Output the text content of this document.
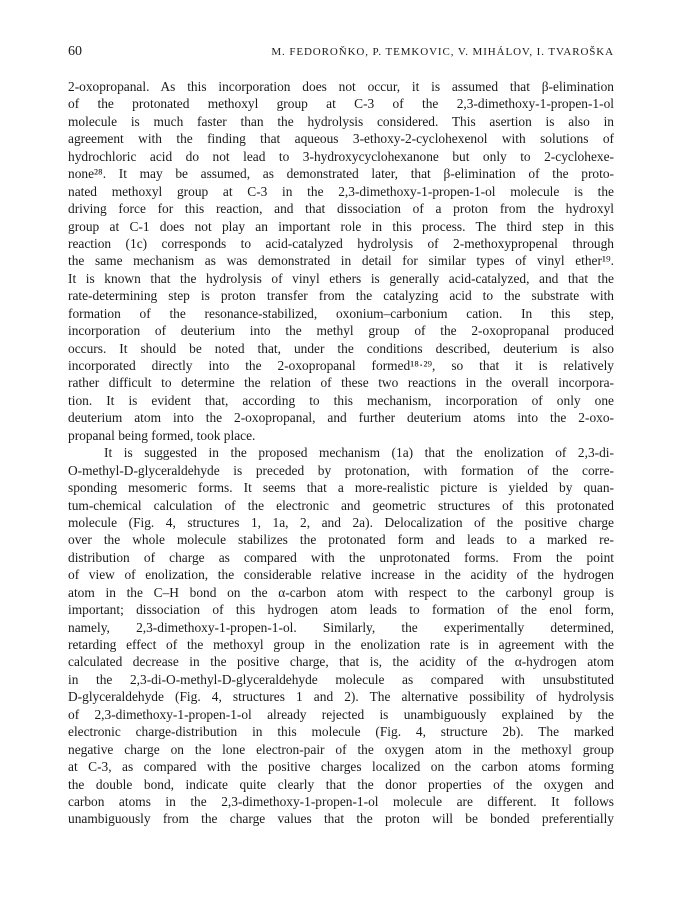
60	M. FEDOROŇKO, P. TEMKOVIC, V. MIHÁLOV, I. TVAROŠKA
2-oxopropanal. As this incorporation does not occur, it is assumed that β-elimination
of the protonated methoxyl group at C-3 of the 2,3-dimethoxy-1-propen-1-ol
molecule is much faster than the hydrolysis considered. This asertion is also in
agreement with the finding that aqueous 3-ethoxy-2-cyclohexenol with solutions of
hydrochloric acid do not lead to 3-hydroxycyclohexanone but only to 2-cyclohexe-
none²⁸. It may be assumed, as demonstrated later, that β-elimination of the proto-
nated methoxyl group at C-3 in the 2,3-dimethoxy-1-propen-1-ol molecule is the
driving force for this reaction, and that dissociation of a proton from the hydroxyl
group at C-1 does not play an important role in this process. The third step in this
reaction (1c) corresponds to acid-catalyzed hydrolysis of 2-methoxypropenal through
the same mechanism as was demonstrated in detail for similar types of vinyl ether¹⁹.
It is known that the hydrolysis of vinyl ethers is generally acid-catalyzed, and that the
rate-determining step is proton transfer from the catalyzing acid to the substrate with
formation of the resonance-stabilized, oxonium–carbonium cation. In this step,
incorporation of deuterium into the methyl group of the 2-oxopropanal produced
occurs. It should be noted that, under the conditions described, deuterium is also
incorporated directly into the 2-oxopropanal formed¹⁸·²⁹, so that it is relatively
rather difficult to determine the relation of these two reactions in the overall incorpora-
tion. It is evident that, according to this mechanism, incorporation of only one
deuterium atom into the 2-oxopropanal, and further deuterium atoms into the 2-oxo-
propanal being formed, took place.
It is suggested in the proposed mechanism (1a) that the enolization of 2,3-di-
O-methyl-D-glyceraldehyde is preceded by protonation, with formation of the corre-
sponding mesomeric forms. It seems that a more-realistic picture is yielded by quan-
tum-chemical calculation of the electronic and geometric structures of this protonated
molecule (Fig. 4, structures 1, 1a, 2, and 2a). Delocalization of the positive charge
over the whole molecule stabilizes the protonated form and leads to a marked re-
distribution of charge as compared with the unprotonated forms. From the point
of view of enolization, the considerable relative increase in the acidity of the hydrogen
atom in the C–H bond on the α-carbon atom with respect to the carbonyl group is
important; dissociation of this hydrogen atom leads to formation of the enol form,
namely, 2,3-dimethoxy-1-propen-1-ol. Similarly, the experimentally determined,
retarding effect of the methoxyl group in the enolization rate is in agreement with the
calculated decrease in the positive charge, that is, the acidity of the α-hydrogen atom
in the 2,3-di-O-methyl-D-glyceraldehyde molecule as compared with unsubstituted
D-glyceraldehyde (Fig. 4, structures 1 and 2). The alternative possibility of hydrolysis
of 2,3-dimethoxy-1-propen-1-ol already rejected is unambiguously explained by the
electronic charge-distribution in this molecule (Fig. 4, structure 2b). The marked
negative charge on the lone electron-pair of the oxygen atom in the methoxyl group
at C-3, as compared with the positive charges localized on the carbon atoms forming
the double bond, indicate quite clearly that the donor properties of the oxygen and
carbon atoms in the 2,3-dimethoxy-1-propen-1-ol molecule are different. It follows
unambiguously from the charge values that the proton will be bonded preferentially
